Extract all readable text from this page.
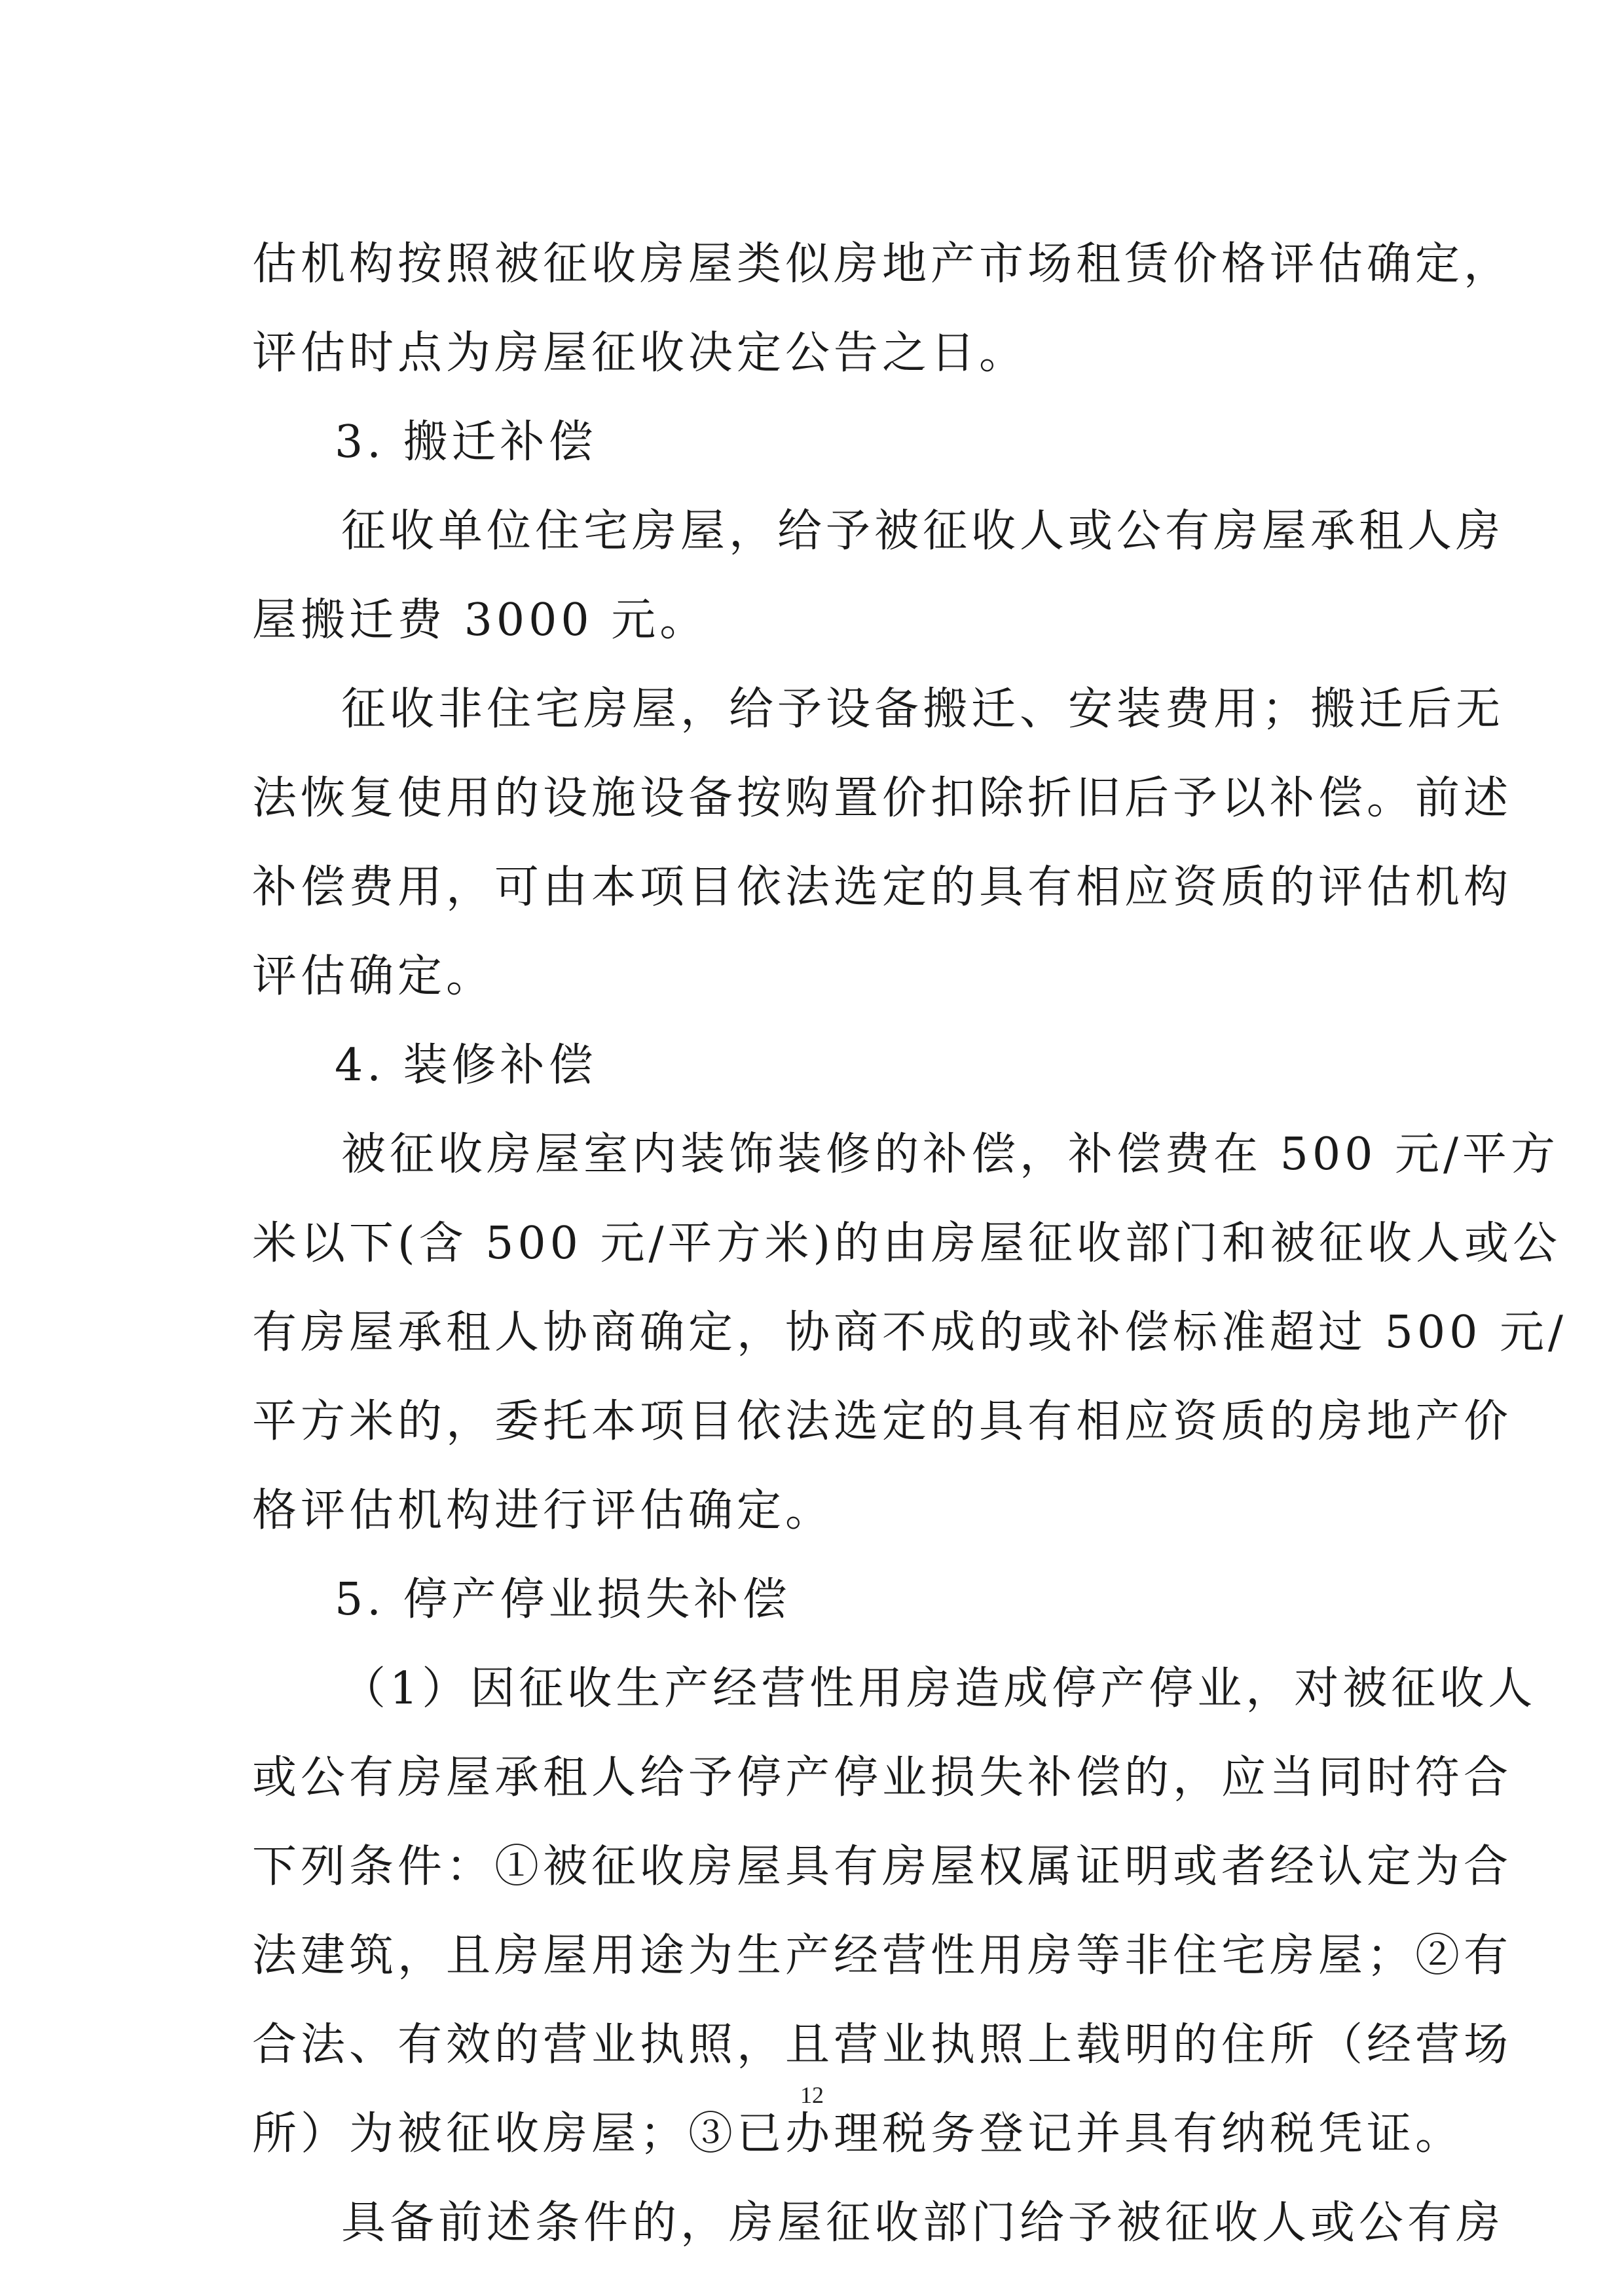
估机构按照被征收房屋类似房地产市场租赁价格评估确定，
评估时点为房屋征收决定公告之日。
3. 搬迁补偿
征收单位住宅房屋，给予被征收人或公有房屋承租人房
屋搬迁费 3000 元。
征收非住宅房屋，给予设备搬迁、安装费用；搬迁后无
法恢复使用的设施设备按购置价扣除折旧后予以补偿。前述
补偿费用，可由本项目依法选定的具有相应资质的评估机构
评估确定。
4. 装修补偿
被征收房屋室内装饰装修的补偿，补偿费在 500 元/平方
米以下(含 500 元/平方米)的由房屋征收部门和被征收人或公
有房屋承租人协商确定，协商不成的或补偿标准超过 500 元/
平方米的，委托本项目依法选定的具有相应资质的房地产价
格评估机构进行评估确定。
5. 停产停业损失补偿
（1）因征收生产经营性用房造成停产停业，对被征收人
或公有房屋承租人给予停产停业损失补偿的，应当同时符合
下列条件：①被征收房屋具有房屋权属证明或者经认定为合
法建筑，且房屋用途为生产经营性用房等非住宅房屋；②有
合法、有效的营业执照，且营业执照上载明的住所（经营场
所）为被征收房屋；③已办理税务登记并具有纳税凭证。
具备前述条件的，房屋征收部门给予被征收人或公有房
12
